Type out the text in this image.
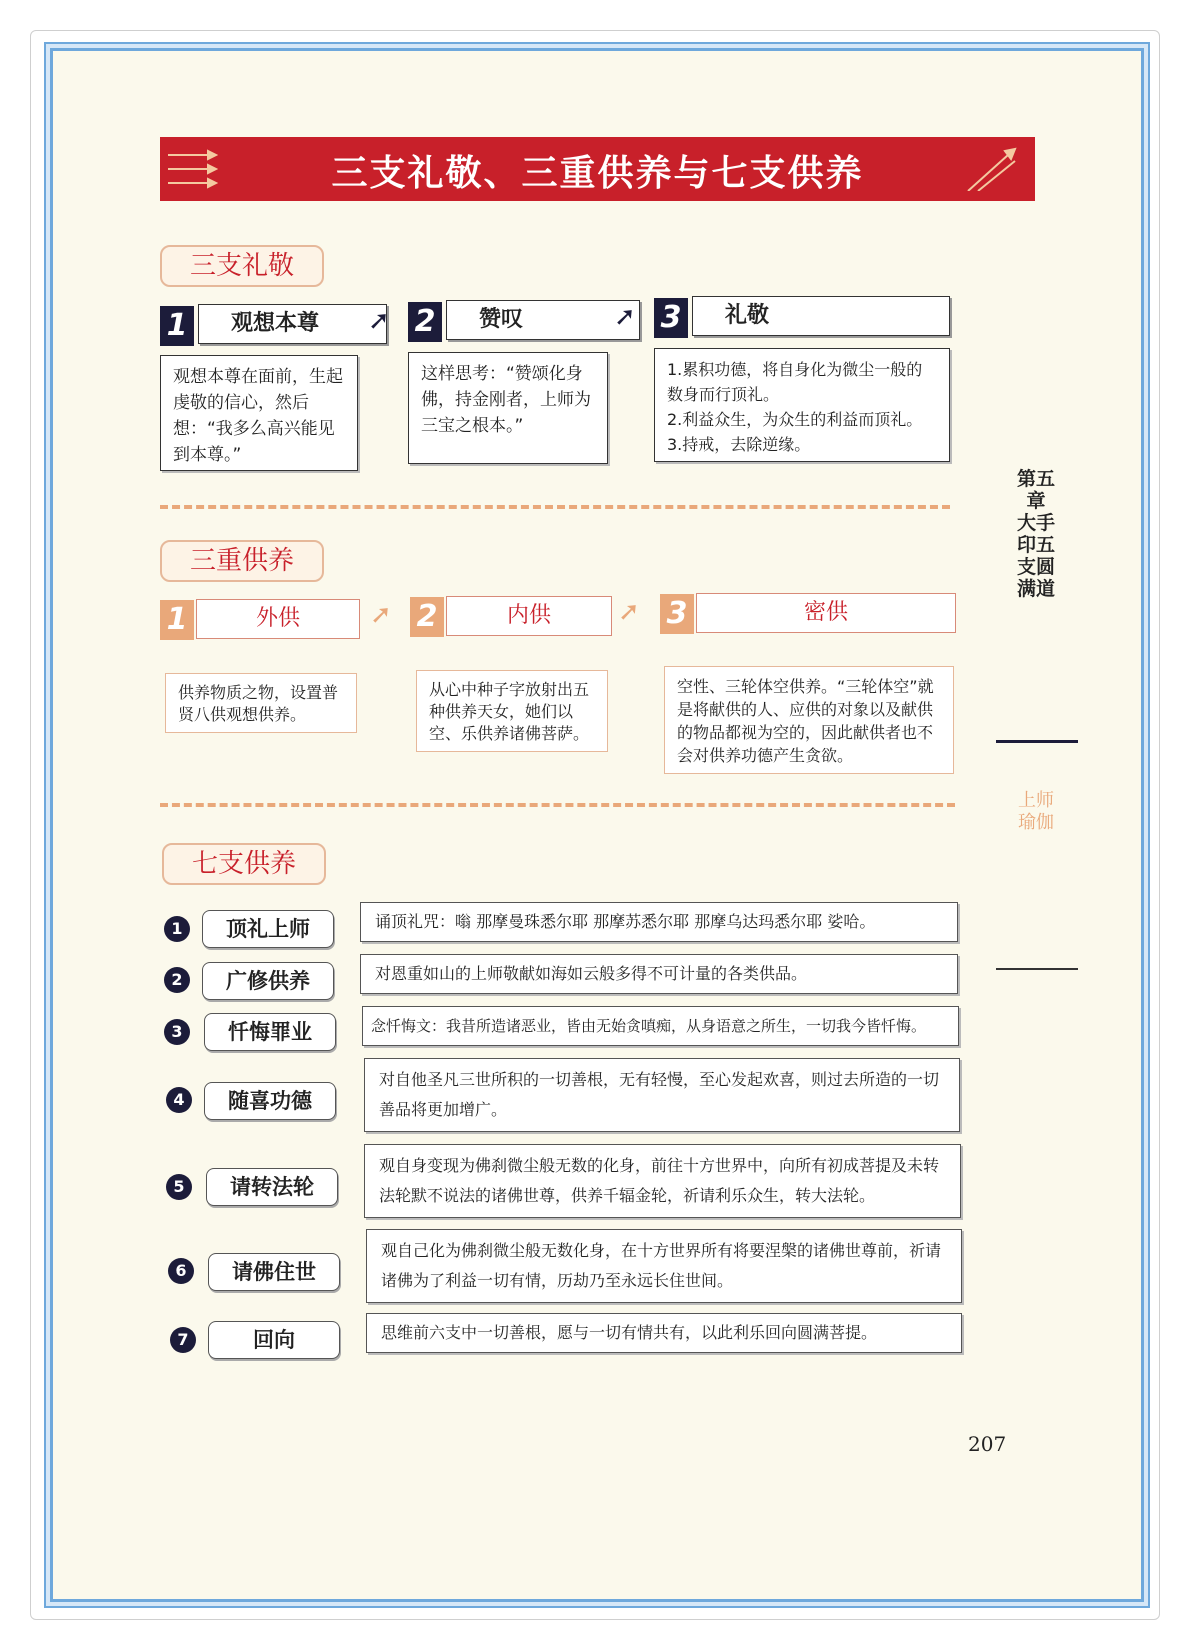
三支礼敬、三重供养与七支供养
三支礼敬
1	观想本尊	➚
观想本尊在面前，生起虔敬的信心，然后想：“我多么高兴能见到本尊。”
2	赞叹	➚
这样思考：“赞颂化身佛，持金刚者，上师为三宝之根本。”
3	礼敬
1.累积功德，将自身化为微尘一般的数身而行顶礼。
2.利益众生，为众生的利益而顶礼。
3.持戒，去除逆缘。
三重供养
1	外供	➚
供养物质之物，设置普贤八供观想供养。
2	内供	➚
从心中种子字放射出五种供养天女，她们以空、乐供养诸佛菩萨。
3	密供
空性、三轮体空供养。“三轮体空”就是将献供的人、应供的对象以及献供的物品都视为空的，因此献供者也不会对供养功德产生贪欲。
七支供养
1	顶礼上师	诵顶礼咒：嗡 那摩曼珠悉尔耶 那摩苏悉尔耶 那摩乌达玛悉尔耶 娑哈。
2	广修供养	对恩重如山的上师敬献如海如云般多得不可计量的各类供品。
3	忏悔罪业	念忏悔文：我昔所造诸恶业，皆由无始贪嗔痴，从身语意之所生，一切我今皆忏悔。
4	随喜功德
对自他圣凡三世所积的一切善根，无有轻慢，至心发起欢喜，则过去所造的一切善品将更加增广。
5	请转法轮
观自身变现为佛刹微尘般无数的化身，前往十方世界中，向所有初成菩提及未转法轮默不说法的诸佛世尊，供养千辐金轮，祈请利乐众生，转大法轮。
6	请佛住世
观自己化为佛刹微尘般无数化身，在十方世界所有将要涅槃的诸佛世尊前，祈请诸佛为了利益一切有情，历劫乃至永远长住世间。
7	回向	思维前六支中一切善根，愿与一切有情共有，以此利乐回向圆满菩提。
第五章 大手印五支圆满道
上师瑜伽
207
